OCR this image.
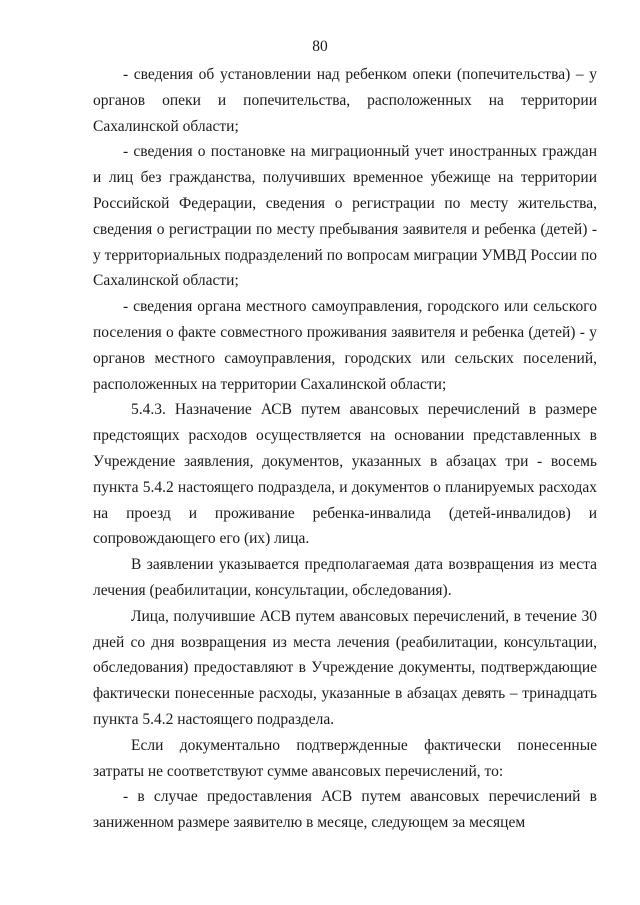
80

- сведения об установлении над ребенком опеки (попечительства) – у органов опеки и попечительства, расположенных на территории Сахалинской области;

- сведения о постановке на миграционный учет иностранных граждан и лиц без гражданства, получивших временное убежище на территории Российской Федерации, сведения о регистрации по месту жительства, сведения о регистрации по месту пребывания заявителя и ребенка (детей) - у территориальных подразделений по вопросам миграции УМВД России по Сахалинской области;

- сведения органа местного самоуправления, городского или сельского поселения о факте совместного проживания заявителя и ребенка (детей) - у органов местного самоуправления, городских или сельских поселений, расположенных на территории Сахалинской области;

5.4.3. Назначение АСВ путем авансовых перечислений в размере предстоящих расходов осуществляется на основании представленных в Учреждение заявления, документов, указанных в абзацах три - восемь пункта 5.4.2 настоящего подраздела, и документов о планируемых расходах на проезд и проживание ребенка-инвалида (детей-инвалидов) и сопровождающего его (их) лица.

В заявлении указывается предполагаемая дата возвращения из места лечения (реабилитации, консультации, обследования).

Лица, получившие АСВ путем авансовых перечислений, в течение 30 дней со дня возвращения из места лечения (реабилитации, консультации, обследования) предоставляют в Учреждение документы, подтверждающие фактически понесенные расходы, указанные в абзацах девять – тринадцать пункта 5.4.2 настоящего подраздела.

Если документально подтвержденные фактически понесенные затраты не соответствуют сумме авансовых перечислений, то:

- в случае предоставления АСВ путем авансовых перечислений в заниженном размере заявителю в месяце, следующем за месяцем
